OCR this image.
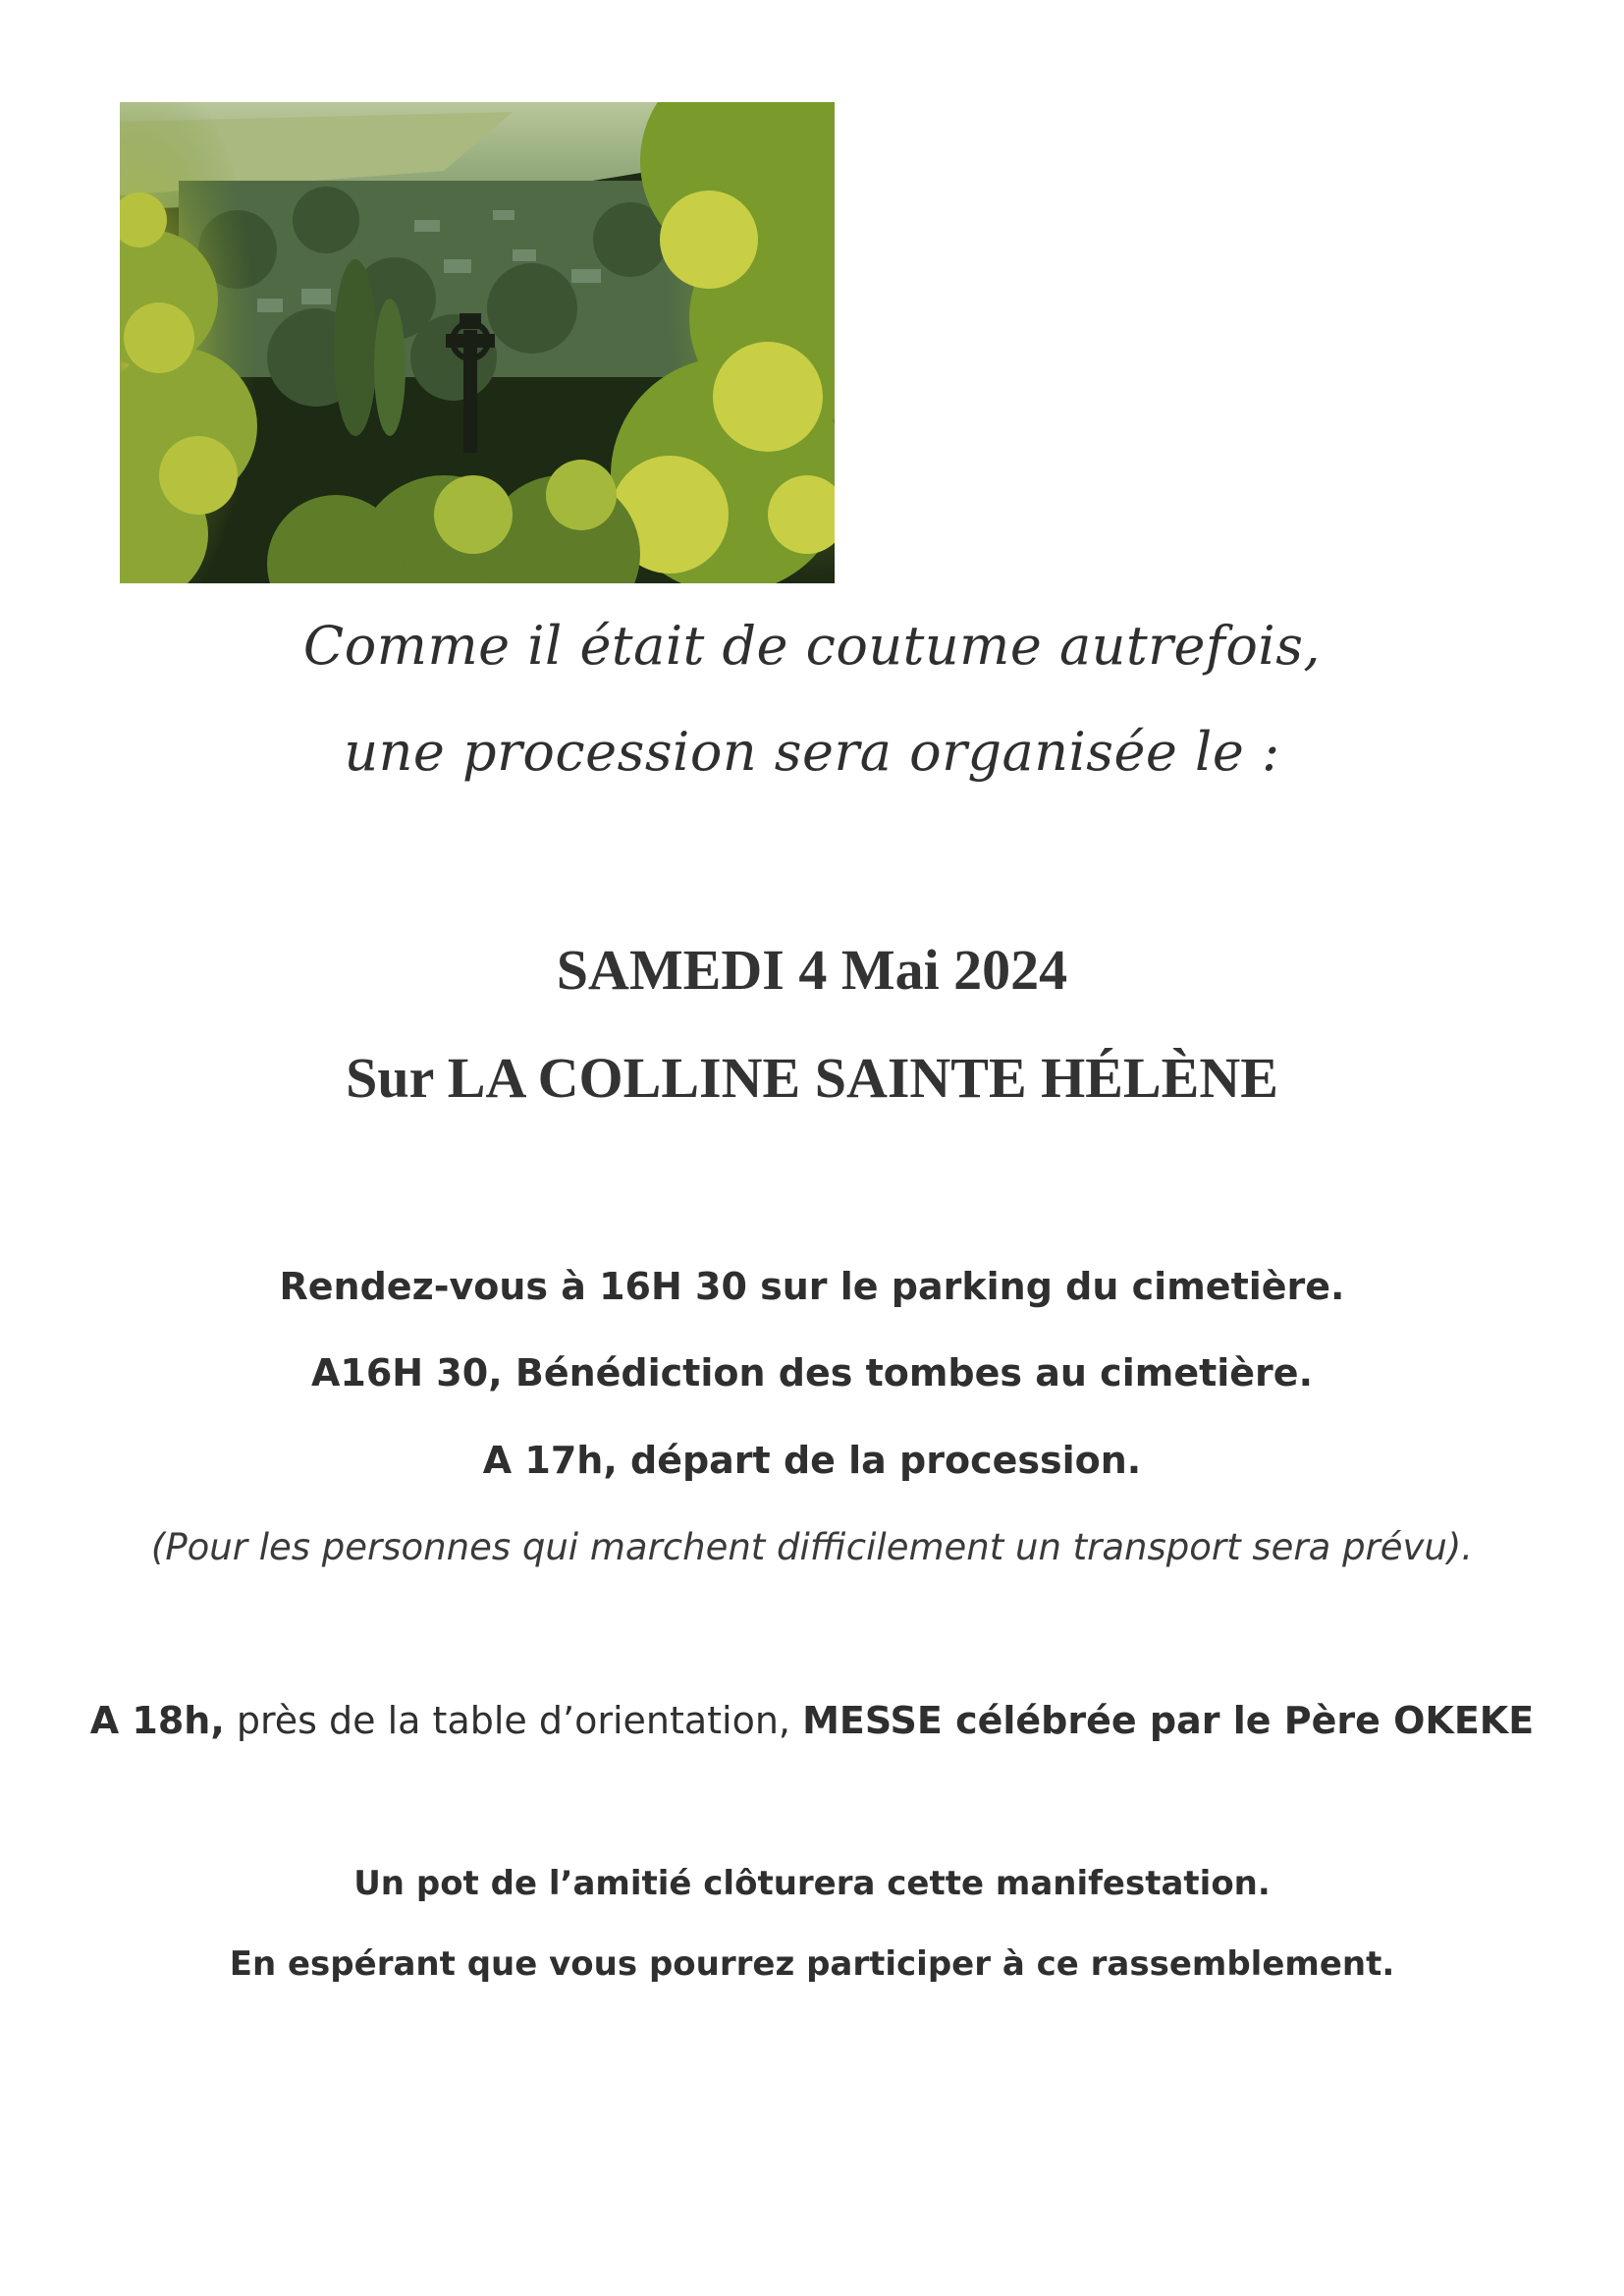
Comme il était de coutume autrefois,
une procession sera organisée le :
SAMEDI 4 Mai 2024
Sur LA COLLINE SAINTE HÉLÈNE
Rendez-vous à 16H 30 sur le parking du cimetière.
A16H 30, Bénédiction des tombes au cimetière.
A 17h, départ de la procession.
(Pour les personnes qui marchent difficilement un transport sera prévu).
A 18h, près de la table d’orientation, MESSE célébrée par le Père OKEKE
Un pot de l’amitié clôturera cette manifestation.
En espérant que vous pourrez participer à ce rassemblement.
